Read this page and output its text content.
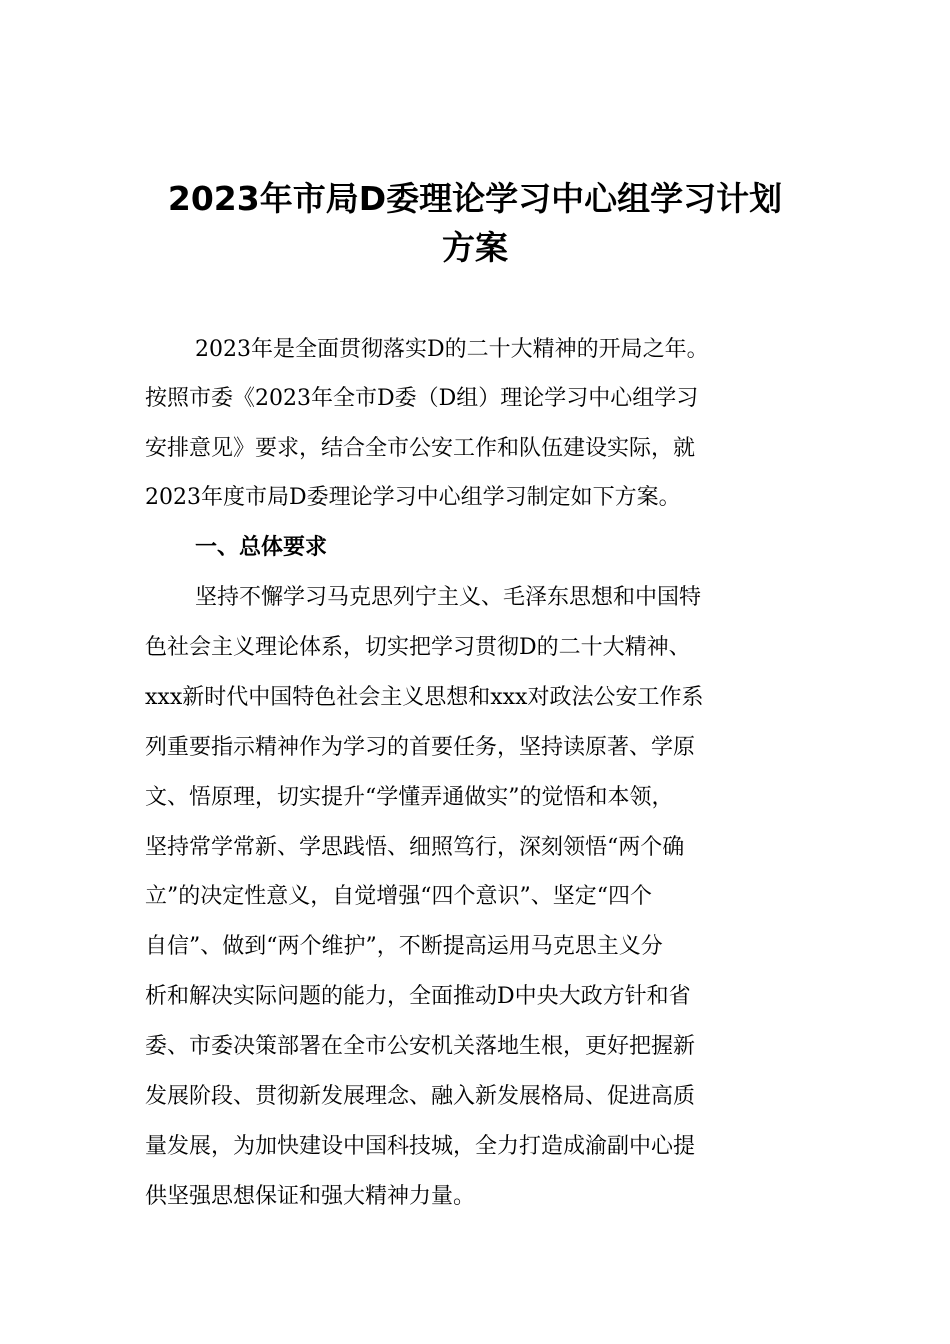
2023年市局D委理论学习中心组学习计划
方案

2023年是全面贯彻落实D的二十大精神的开局之年。

按照市委《2023年全市D委（D组）理论学习中心组学习

安排意见》要求，结合全市公安工作和队伍建设实际，就

2023年度市局D委理论学习中心组学习制定如下方案。

一、总体要求

坚持不懈学习马克思列宁主义、毛泽东思想和中国特

色社会主义理论体系，切实把学习贯彻D的二十大精神、

xxx新时代中国特色社会主义思想和xxx对政法公安工作系

列重要指示精神作为学习的首要任务，坚持读原著、学原

文、悟原理，切实提升“学懂弄通做实”的觉悟和本领，

坚持常学常新、学思践悟、细照笃行，深刻领悟“两个确

立”的决定性意义，自觉增强“四个意识”、坚定“四个

自信”、做到“两个维护”，不断提高运用马克思主义分

析和解决实际问题的能力，全面推动D中央大政方针和省

委、市委决策部署在全市公安机关落地生根，更好把握新

发展阶段、贯彻新发展理念、融入新发展格局、促进高质

量发展，为加快建设中国科技城，全力打造成渝副中心提

供坚强思想保证和强大精神力量。
